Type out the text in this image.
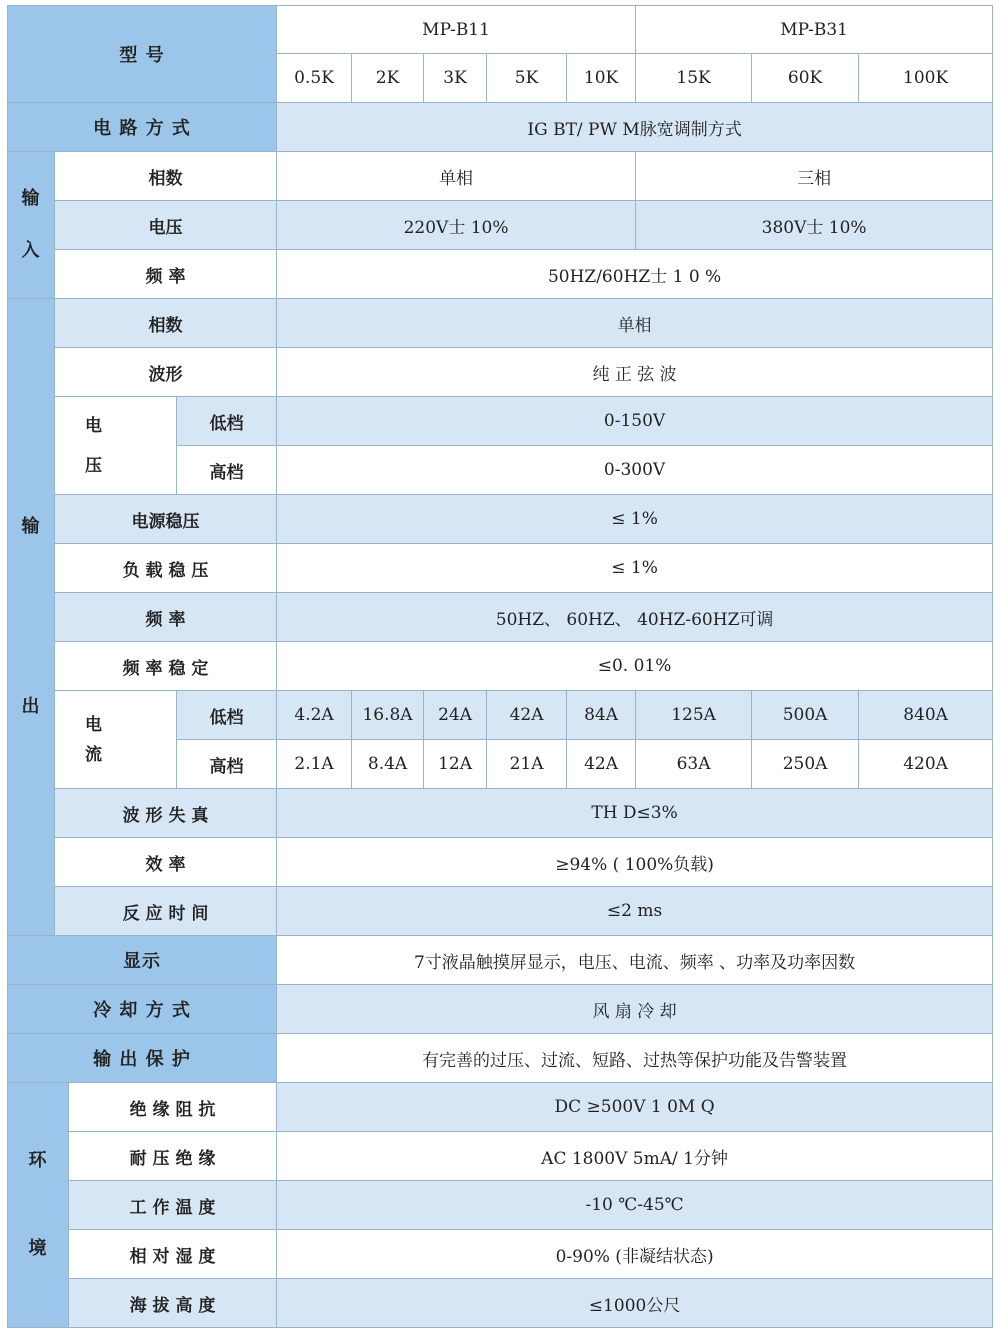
型 号				MP-B11					MP-B31		
				0.5K	2K	3K	5K	10K	15K	60K	100K
电 路 方 式				IG BT/ PW M脉宽调制方式							
输
入	相数			单相					三相		
	电压			220V士 10%					380V士 10%		
	频 率			50HZ/60HZ士 1 0 %							
输
出	相数			单相							
	波形			纯 正 弦 波							
	电
压		低档	0-150V							
			高档	0-300V							
	电源稳压			≤ 1%							
	负 载 稳 压			≤ 1%							
	频 率			50HZ、 60HZ、 40HZ-60HZ可调							
	频 率 稳 定			≤0. 01%							
	电
流		低档	4.2A	16.8A	24A	42A	84A	125A	500A	840A
			高档	2.1A	8.4A	12A	21A	42A	63A	250A	420A
	波 形 失 真			TH D≤3%							
	效 率			≥94% ( 100%负载)							
	反 应 时 间			≤2 ms							
显示				7寸液晶触摸屏显示，电压、电流、频率 、功率及功率因数							
冷 却 方 式				风 扇 冷 却							
输 出 保 护				有完善的过压、过流、短路、过热等保护功能及告警装置							
环
境		绝 缘 阻 抗		DC ≥500V 1 0M Q							
		耐 压 绝 缘		AC 1800V 5mA/ 1分钟							
		工 作 温 度		-10 ℃-45℃							
		相 对 湿 度		0-90% (非凝结状态)							
		海 拔 高 度		≤1000公尺							
